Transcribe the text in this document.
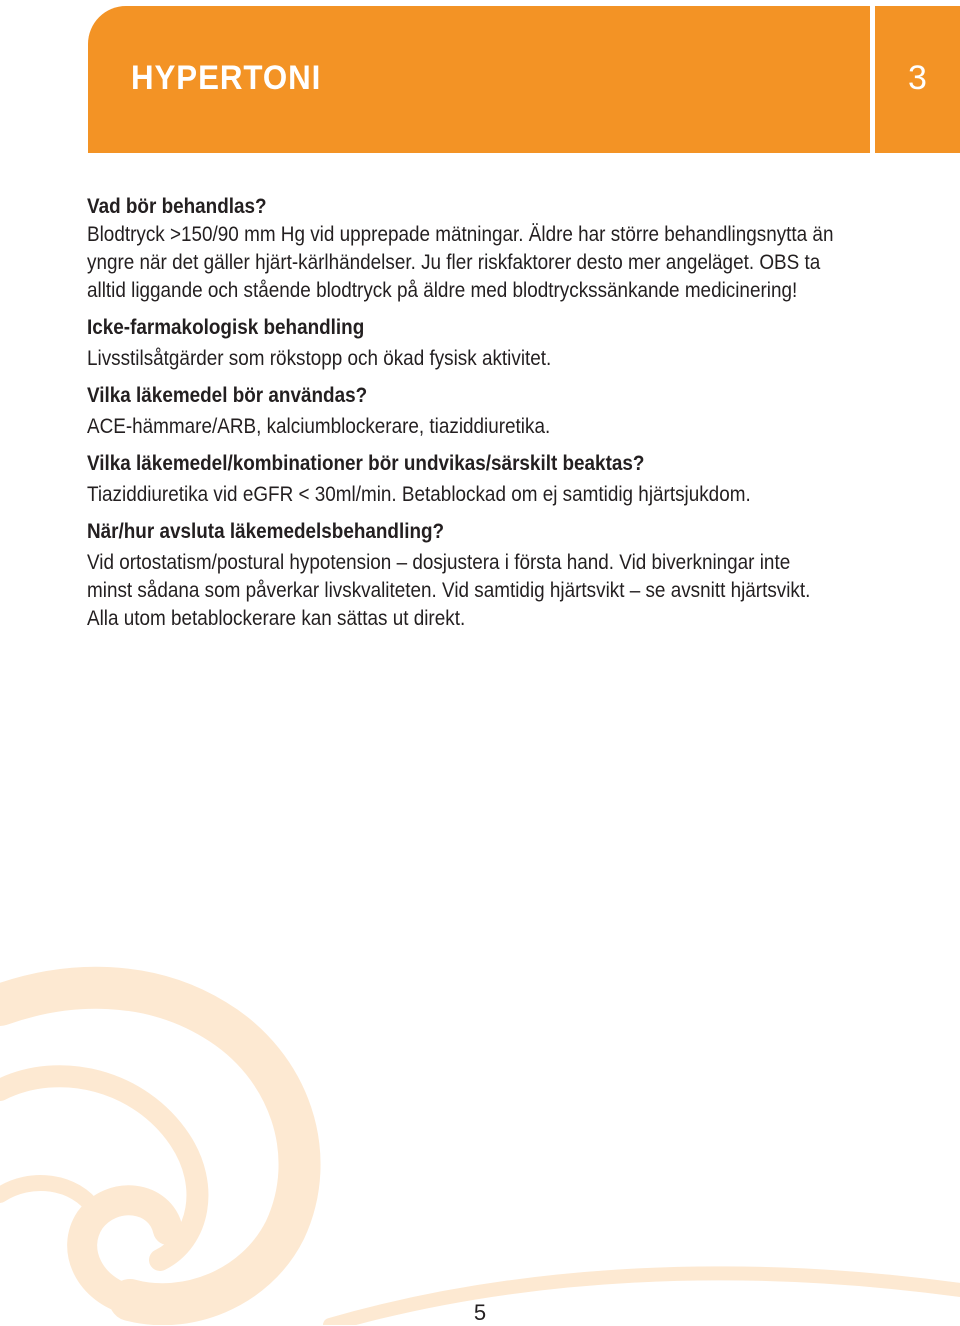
HYPERTONI	3
Vad bör behandlas?
Blodtryck >150/90 mm Hg vid upprepade mätningar. Äldre har större behandlingsnytta än
yngre när det gäller hjärt-kärlhändelser. Ju fler riskfaktorer desto mer angeläget. OBS ta
alltid liggande och stående blodtryck på äldre med blodtryckssänkande medicinering!
Icke-farmakologisk behandling
Livsstilsåtgärder som rökstopp och ökad fysisk aktivitet.
Vilka läkemedel bör användas?
ACE-hämmare/ARB, kalciumblockerare, tiaziddiuretika.
Vilka läkemedel/kombinationer bör undvikas/särskilt beaktas?
Tiaziddiuretika vid eGFR < 30ml/min. Betablockad om ej samtidig hjärtsjukdom.
När/hur avsluta läkemedelsbehandling?
Vid ortostatism/postural hypotension – dosjustera i första hand. Vid biverkningar inte
minst sådana som påverkar livskvaliteten. Vid samtidig hjärtsvikt – se avsnitt hjärtsvikt.
Alla utom betablockerare kan sättas ut direkt.
5
